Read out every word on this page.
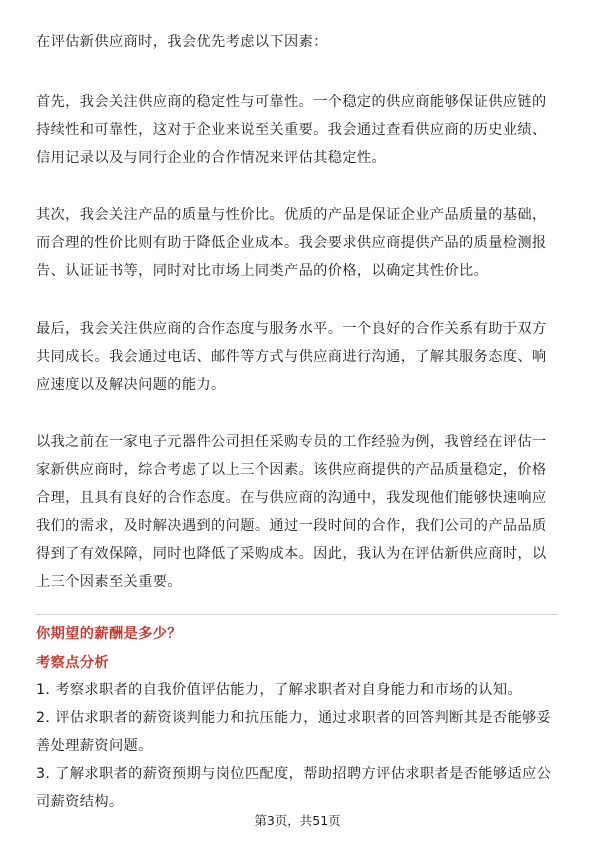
在评估新供应商时，我会优先考虑以下因素：

首先，我会关注供应商的稳定性与可靠性。一个稳定的供应商能够保证供应链的持续性和可靠性，这对于企业来说至关重要。我会通过查看供应商的历史业绩、信用记录以及与同行企业的合作情况来评估其稳定性。

其次，我会关注产品的质量与性价比。优质的产品是保证企业产品质量的基础，而合理的性价比则有助于降低企业成本。我会要求供应商提供产品的质量检测报告、认证证书等，同时对比市场上同类产品的价格，以确定其性价比。

最后，我会关注供应商的合作态度与服务水平。一个良好的合作关系有助于双方共同成长。我会通过电话、邮件等方式与供应商进行沟通，了解其服务态度、响应速度以及解决问题的能力。

以我之前在一家电子元器件公司担任采购专员的工作经验为例，我曾经在评估一家新供应商时，综合考虑了以上三个因素。该供应商提供的产品质量稳定，价格合理，且具有良好的合作态度。在与供应商的沟通中，我发现他们能够快速响应我们的需求，及时解决遇到的问题。通过一段时间的合作，我们公司的产品品质得到了有效保障，同时也降低了采购成本。因此，我认为在评估新供应商时，以上三个因素至关重要。

你期望的薪酬是多少？

考察点分析

1. 考察求职者的自我价值评估能力，了解求职者对自身能力和市场的认知。

2. 评估求职者的薪资谈判能力和抗压能力，通过求职者的回答判断其是否能够妥善处理薪资问题。

3. 了解求职者的薪资预期与岗位匹配度，帮助招聘方评估求职者是否能够适应公司薪资结构。

第3页，共51页
